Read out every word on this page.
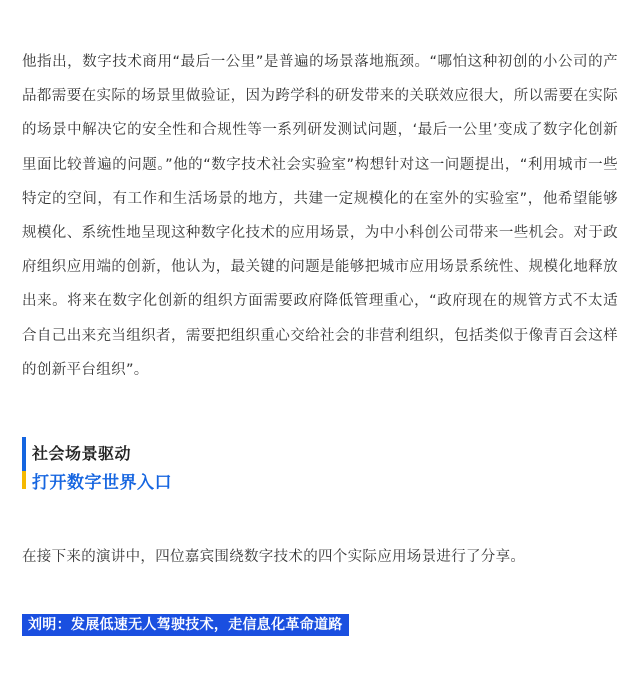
他指出，数字技术商用“最后一公里”是普遍的场景落地瓶颈。“哪怕这种初创的小公司的产品都需要在实际的场景里做验证，因为跨学科的研发带来的关联效应很大，所以需要在实际的场景中解决它的安全性和合规性等一系列研发测试问题，‘最后一公里’变成了数字化创新里面比较普遍的问题。”他的“数字技术社会实验室”构想针对这一问题提出，“利用城市一些特定的空间，有工作和生活场景的地方，共建一定规模化的在室外的实验室”，他希望能够规模化、系统性地呈现这种数字化技术的应用场景，为中小科创公司带来一些机会。对于政府组织应用端的创新，他认为，最关键的问题是能够把城市应用场景系统性、规模化地释放出来。将来在数字化创新的组织方面需要政府降低管理重心，“政府现在的规管方式不太适合自己出来充当组织者，需要把组织重心交给社会的非营利组织，包括类似于像青百会这样的创新平台组织”。

社会场景驱动
打开数字世界入口

在接下来的演讲中，四位嘉宾围绕数字技术的四个实际应用场景进行了分享。

刘明：发展低速无人驾驶技术，走信息化革命道路
